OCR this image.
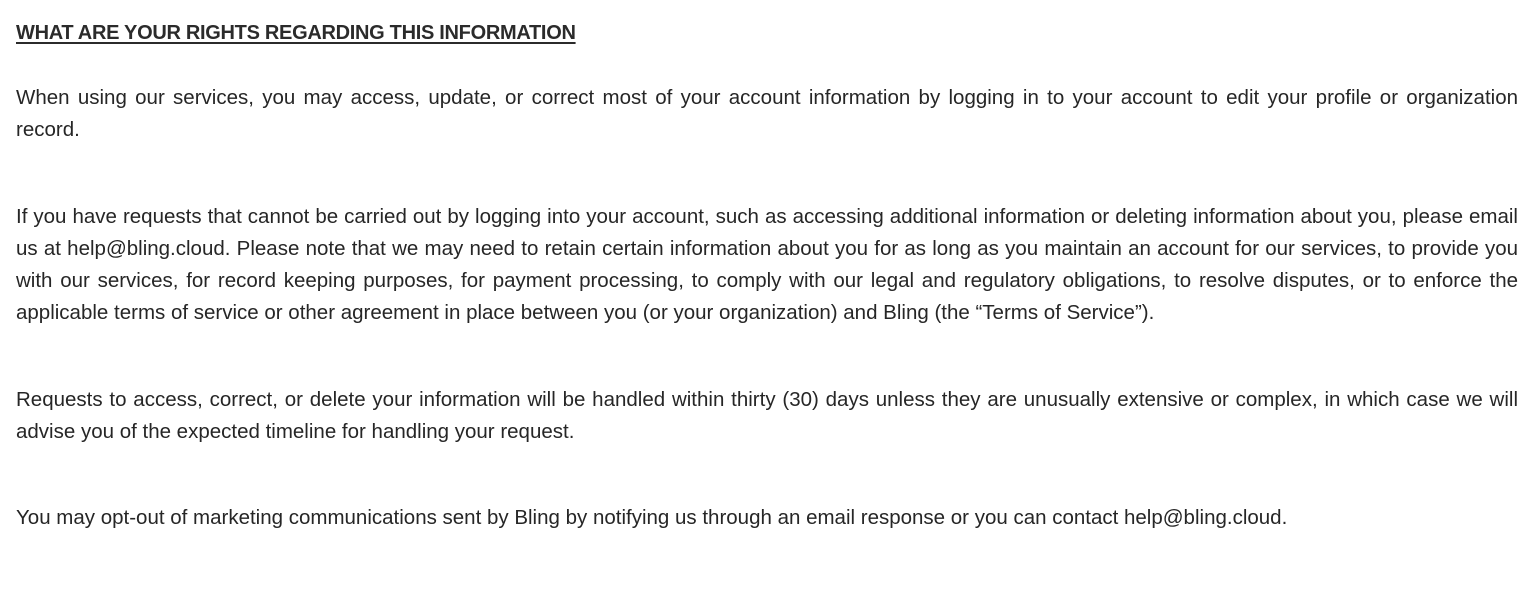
WHAT ARE YOUR RIGHTS REGARDING THIS INFORMATION

When using our services, you may access, update, or correct most of your account information by logging in to your account to edit your profile or organization record.

If you have requests that cannot be carried out by logging into your account, such as accessing additional information or deleting information about you, please email us at help@bling.cloud. Please note that we may need to retain certain information about you for as long as you maintain an account for our services, to provide you with our services, for record keeping purposes, for payment processing, to comply with our legal and regulatory obligations, to resolve disputes, or to enforce the applicable terms of service or other agreement in place between you (or your organization) and Bling (the “Terms of Service”).

Requests to access, correct, or delete your information will be handled within thirty (30) days unless they are unusually extensive or complex, in which case we will advise you of the expected timeline for handling your request.

You may opt-out of marketing communications sent by Bling by notifying us through an email response or you can contact help@bling.cloud.
